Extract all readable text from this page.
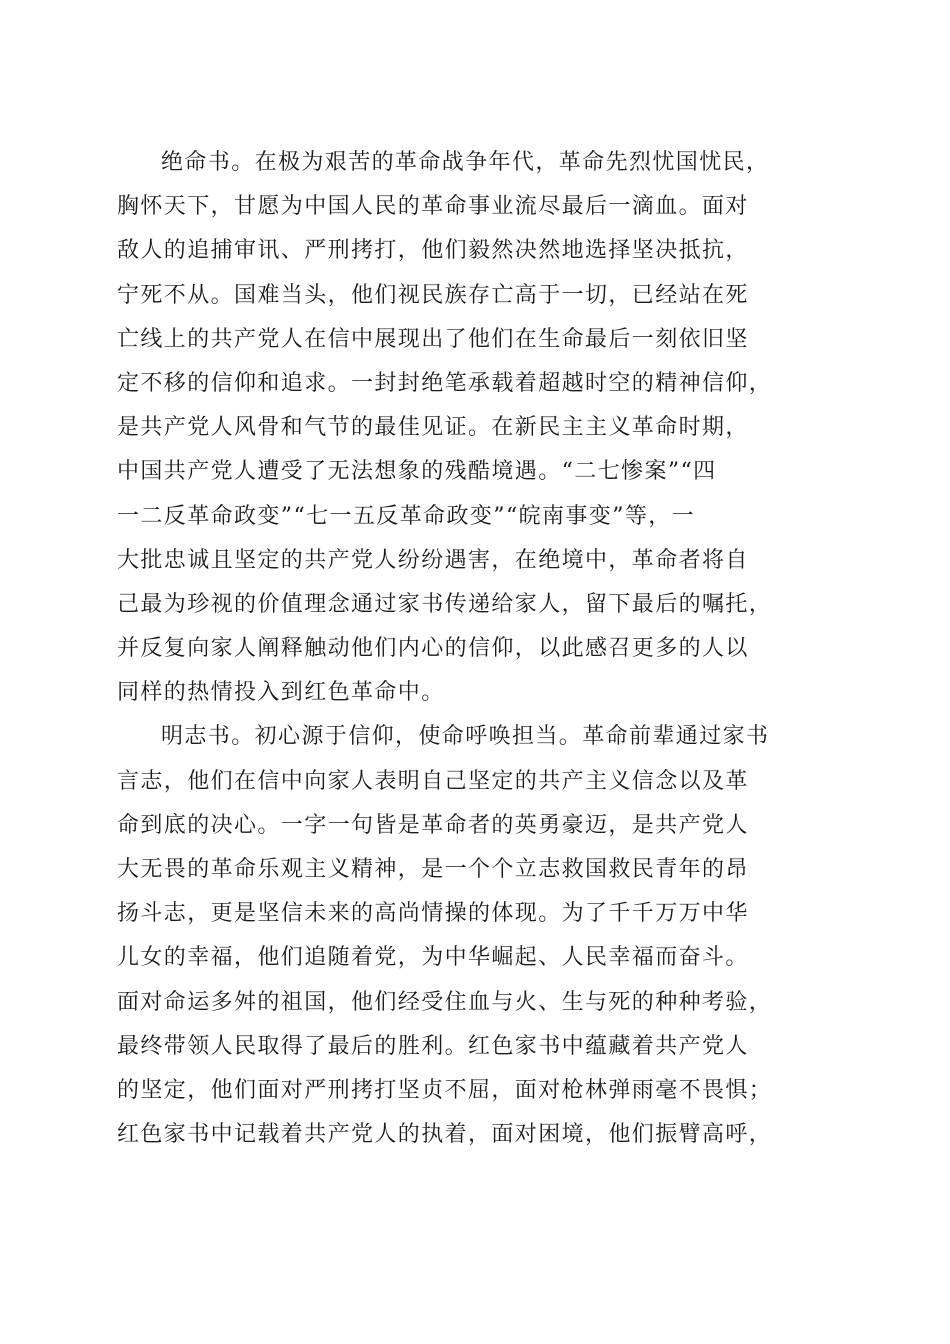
绝命书。在极为艰苦的革命战争年代，革命先烈忧国忧民，
胸怀天下，甘愿为中国人民的革命事业流尽最后一滴血。面对
敌人的追捕审讯、严刑拷打，他们毅然决然地选择坚决抵抗，
宁死不从。国难当头，他们视民族存亡高于一切，已经站在死
亡线上的共产党人在信中展现出了他们在生命最后一刻依旧坚
定不移的信仰和追求。一封封绝笔承载着超越时空的精神信仰，
是共产党人风骨和气节的最佳见证。在新民主主义革命时期，
中国共产党人遭受了无法想象的残酷境遇。“二七惨案”“四
一二反革命政变”“七一五反革命政变”“皖南事变”等，一
大批忠诚且坚定的共产党人纷纷遇害，在绝境中，革命者将自
己最为珍视的价值理念通过家书传递给家人，留下最后的嘱托，
并反复向家人阐释触动他们内心的信仰，以此感召更多的人以
同样的热情投入到红色革命中。
明志书。初心源于信仰，使命呼唤担当。革命前辈通过家书
言志，他们在信中向家人表明自己坚定的共产主义信念以及革
命到底的决心。一字一句皆是革命者的英勇豪迈，是共产党人
大无畏的革命乐观主义精神，是一个个立志救国救民青年的昂
扬斗志，更是坚信未来的高尚情操的体现。为了千千万万中华
儿女的幸福，他们追随着党，为中华崛起、人民幸福而奋斗。
面对命运多舛的祖国，他们经受住血与火、生与死的种种考验，
最终带领人民取得了最后的胜利。红色家书中蕴藏着共产党人
的坚定，他们面对严刑拷打坚贞不屈，面对枪林弹雨毫不畏惧；
红色家书中记载着共产党人的执着，面对困境，他们振臂高呼，
